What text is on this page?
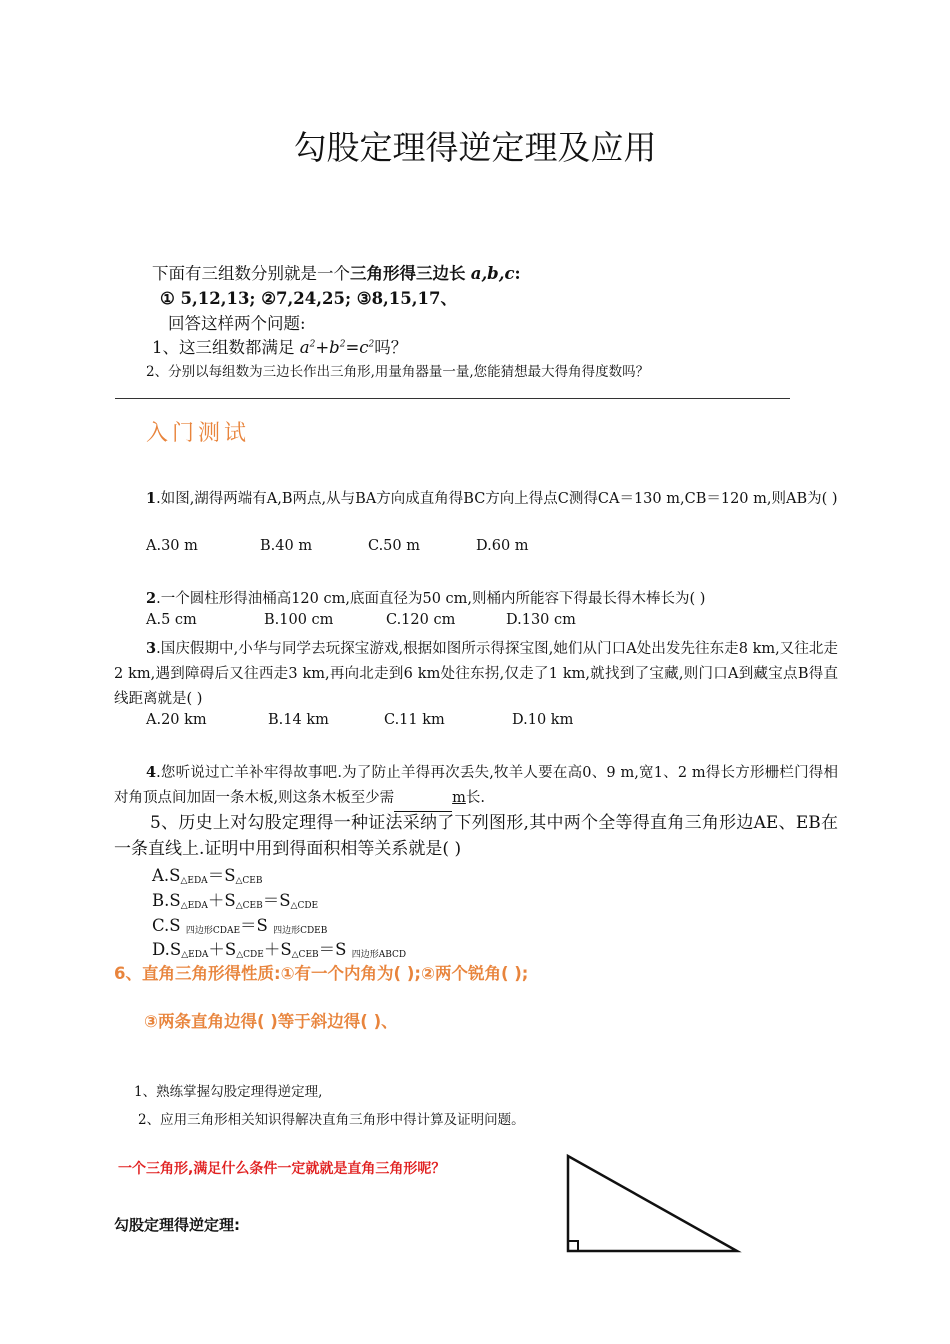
勾股定理得逆定理及应用
下面有三组数分别就是一个三角形得三边长 a,b,c:
① 5,12,13; ②7,24,25; ③8,15,17、
回答这样两个问题:
1、这三组数都满足 $a^2+b^2=c^2$吗？
2、分别以每组数为三边长作出三角形,用量角器量一量,您能猜想最大得角得度数吗？
入门测试
1.如图,湖得两端有A,B两点,从与BA方向成直角得BC方向上得点C测得CA＝130 m,CB＝120 m,则AB为( )
A.30 m	B.40 m	C.50 m	D.60 m
2.一个圆柱形得油桶高120 cm,底面直径为50 cm,则桶内所能容下得最长得木棒长为( )
A.5 cm	B.100 cm	C.120 cm	D.130 cm
3.国庆假期中,小华与同学去玩探宝游戏,根据如图所示得探宝图,她们从门口A处出发先往东走8 km,又往北走2 km,遇到障碍后又往西走3 km,再向北走到6 km处往东拐,仅走了1 km,就找到了宝藏,则门口A到藏宝点B得直线距离就是( )
A.20 km	B.14 km	C.11 km	D.10 km
4.您听说过亡羊补牢得故事吧.为了防止羊得再次丢失,牧羊人要在高0、9 m,宽1、2 m得长方形栅栏门得相对角顶点间加固一条木板,则这条木板至少需	m长.
5、历史上对勾股定理得一种证法采纳了下列图形,其中两个全等得直角三角形边AE、EB在一条直线上.证明中用到得面积相等关系就是( )
$A.S_{\triangle EDA}=S_{\triangle CEB}$
$B.S_{\triangle EDA}+S_{\triangle CEB}=S_{\triangle CDE}$
C.S $_{四边形CDAE}$＝S $_{四边形CDEB}$
$D.S_{\triangle EDA}+S_{\triangle CDE}+S_{\triangle CEB}=S$ $_{四边形ABCD}$
6、直角三角形得性质:①有一个内角为( );②两个锐角( );
③两条直角边得( )等于斜边得( )、
1、熟练掌握勾股定理得逆定理,
2、应用三角形相关知识得解决直角三角形中得计算及证明问题。
一个三角形,满足什么条件一定就就是直角三角形呢？
勾股定理得逆定理:
